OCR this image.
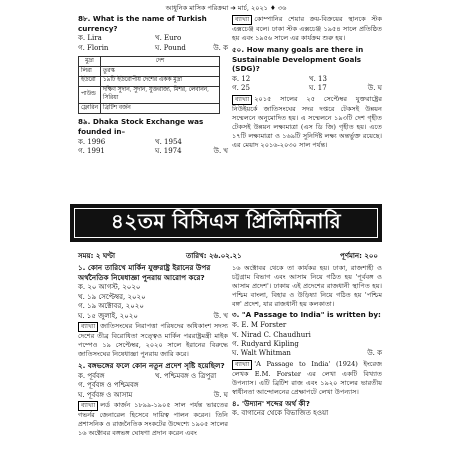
আধুনিক মাসিক পরিক্রমা ➔ মার্চ, ২০২১ ♦ ৩৬
8৮. What is the name of Turkish currency?
ক. Lira	খ. Euro
গ. Florin	ঘ. Pound	উ. ক
মুদ্রা	দেশ
লিরা	তুরস্ক
ইউরো	১৯টি ইউরোপীয় দেশের একক মুদ্রা
পাউন্ড	দক্ষিণ সুদান, সুদান, যুক্তরাজ্য, মিশর, লেবানন, সিরিয়া
ফ্লোরিন	ব্রিটিশ বর্জন
8৯. Dhaka Stock Exchange was founded in–
ক. 1996	খ. 1954
গ. 1991	ঘ. 1974	উ. খ
ব্যাখ্যা কোম্পানির শেয়ার ক্রয়-বিক্রয়ের স্থানকে স্টক এক্সচেঞ্জ বলে। ঢাকা স্টক এক্সচেঞ্জ ১৯৫৪ সালে প্রতিষ্ঠিত হয় এবং ১৯৫৬ সালে এর কার্যক্রম শুরু হয়।
৫০. How many goals are there in Sustainable Development Goals (SDG)?
ক. 12	খ. 13
গ. 25	ঘ. 17	উ. ঘ
ব্যাখ্যা ২০১৫ সালের ২৫ সেপ্টেম্বর যুক্তরাষ্ট্রের নিউইয়র্কে জাতিসংঘের সদর দপ্তরে টেকসই উন্নয়ন সম্মেলনে অনুমোদিত হয়। এ সম্মেলনে ১৯৩টি দেশ গৃহীত টেকসই উন্নয়ন লক্ষ্যমাত্রা (এস ডি জি) গৃহীত হয়। এতে ১৭টি লক্ষ্যমাত্রা ও ১৬৯টি সুনির্দিষ্ট লক্ষ্য অন্তর্ভুক্ত রয়েছে। এর মেয়াদ ২০১৬-২০৩০ সাল পর্যন্ত।
৪২তম বিসিএস প্রিলিমিনারি
সময়: ২ ঘণ্টা	তারিখ: ২৬.০২.২১	পূর্ণমান: ২০০
১. কোন তারিখে মার্কিন যুক্তরাষ্ট্র ইরানের উপর অর্থনৈতিক নিষেধাজ্ঞা পুনরায় আরোপ করে?
ক. ২০ আগস্ট, ২০২০
খ. ১৯ সেপ্টেম্বর, ২০২০
গ. ১৯ অক্টোবর, ২০২০
ঘ. ১৫ জুলাই, ২০২০	উ. খ
ব্যাখ্যা জাতিসংঘের নিরাপত্তা পরিষদের অধিকাংশ সদস্য দেশের তীব্র বিরোধিতা সত্ত্বেও মার্কিন পররাষ্ট্রমন্ত্রী মাইক পম্পেও ১৯ সেপ্টেম্বর, ২০২০ সালে ইরানের বিরুদ্ধে জাতিসংঘের নিষেধাজ্ঞা পুনরায় জারি করে।
২. বঙ্গভঙ্গের ফলে কোন নতুন প্রদেশ সৃষ্টি হয়েছিল?
ক. পূর্ববঙ্গ	খ. পশ্চিমবঙ্গ ও ত্রিপুরা
গ. পূর্ববঙ্গ ও পশ্চিমবঙ্গ
ঘ. পূর্ববঙ্গ ও আসাম	উ. ঘ
ব্যাখ্যা লর্ড কার্জন ১৮৯৯-১৯০৫ সাল পর্যন্ত ভারতের গভর্নর জেনারেল হিসেবে দায়িত্ব পালন করেন। তিনি প্রশাসনিক ও রাজনৈতিক সংকটের উদ্দেশ্যে ১৯০৫ সালের ১৬ অক্টোবর বঙ্গভঙ্গ ঘোষণা প্রদান করেন এবং
১৬ অক্টোবর থেকে তা কার্যকর হয়। ঢাকা, রাজশাহী ও চট্টগ্রাম বিভাগ এবং আসাম নিয়ে গঠিত হয় 'পূর্ববঙ্গ ও আসাম প্রদেশ'। ঢাকায় এই প্রদেশের রাজধানী স্থাপিত হয়। পশ্চিম বাংলা, বিহার ও উড়িষ্যা নিয়ে গঠিত হয় 'পশ্চিম বঙ্গ' প্রদেশ, যার রাজধানী হয় কলকাতা।
৩. "A Passage to India" is written by:
ক. E. M Forster
খ. Nirad C. Chaudhuri
গ. Rudyard Kipling
ঘ. Walt Whitman	উ. ক
ব্যাখ্যা 'A Passage to India' (1924) ইংরেজ লেখক E.M. Forster এর লেখা একটি বিখ্যাত উপন্যাস। এটি ব্রিটিশ রাজ এবং ১৯২০ সালের ভারতীয় স্বাধীনতা আন্দোলনের প্রেক্ষাপটে লেখা উপন্যাস।
৪. 'উদ্যান' শব্দের অর্থ কী?
ক. বাগানের থেকে বিভাজিত হওয়া
